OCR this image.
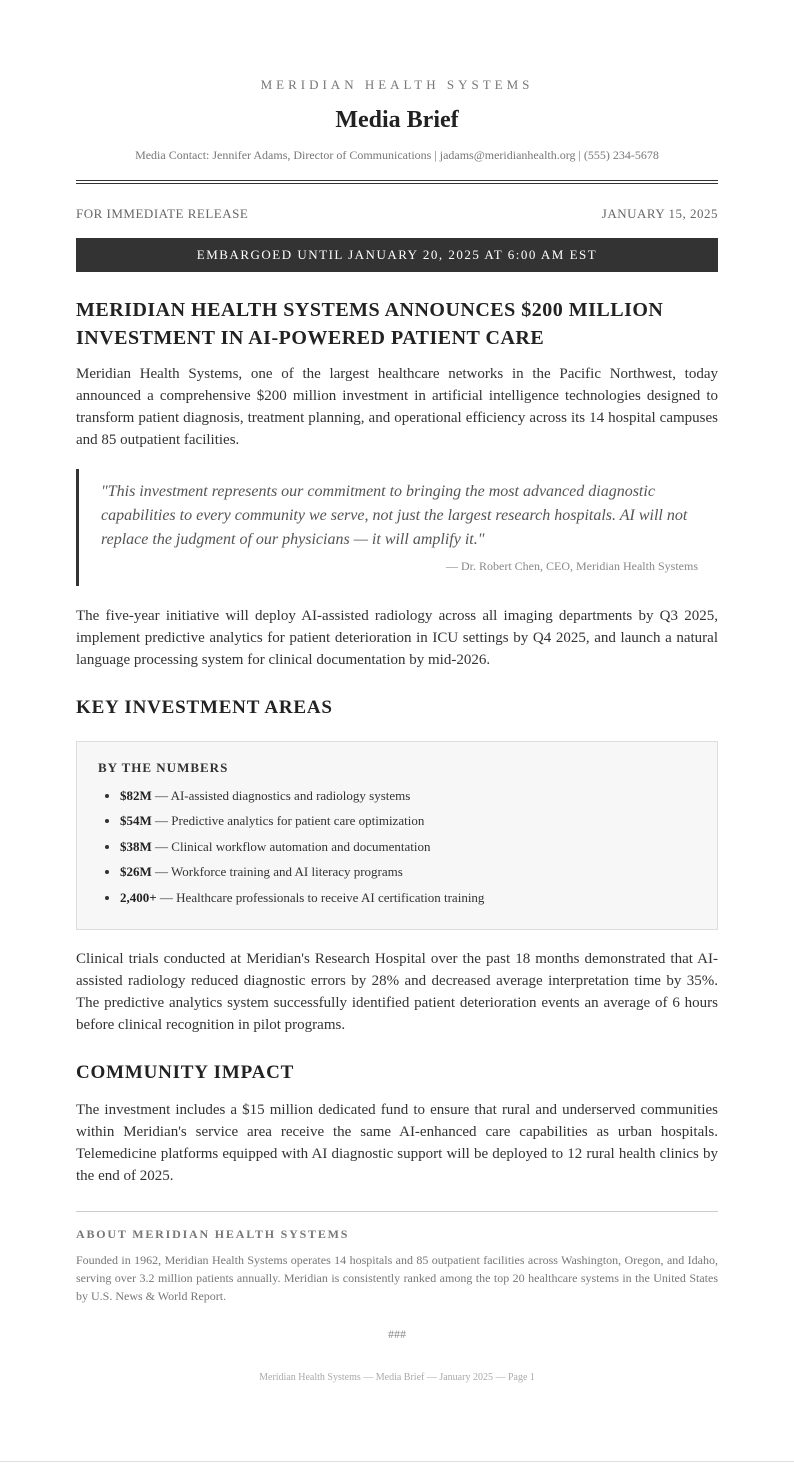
MERIDIAN HEALTH SYSTEMS
Media Brief
Media Contact: Jennifer Adams, Director of Communications | jadams@meridianhealth.org | (555) 234-5678
FOR IMMEDIATE RELEASE	JANUARY 15, 2025
EMBARGOED UNTIL JANUARY 20, 2025 AT 6:00 AM EST
MERIDIAN HEALTH SYSTEMS ANNOUNCES $200 MILLION INVESTMENT IN AI-POWERED PATIENT CARE

Meridian Health Systems, one of the largest healthcare networks in the Pacific Northwest, today announced a comprehensive $200 million investment in artificial intelligence technologies designed to transform patient diagnosis, treatment planning, and operational efficiency across its 14 hospital campuses and 85 outpatient facilities.

"This investment represents our commitment to bringing the most advanced diagnostic capabilities to every community we serve, not just the largest research hospitals. AI will not replace the judgment of our physicians — it will amplify it."
— Dr. Robert Chen, CEO, Meridian Health Systems

The five-year initiative will deploy AI-assisted radiology across all imaging departments by Q3 2025, implement predictive analytics for patient deterioration in ICU settings by Q4 2025, and launch a natural language processing system for clinical documentation by mid-2026.

KEY INVESTMENT AREAS
BY THE NUMBERS
• $82M — AI-assisted diagnostics and radiology systems
• $54M — Predictive analytics for patient care optimization
• $38M — Clinical workflow automation and documentation
• $26M — Workforce training and AI literacy programs
• 2,400+ — Healthcare professionals to receive AI certification training

Clinical trials conducted at Meridian's Research Hospital over the past 18 months demonstrated that AI-assisted radiology reduced diagnostic errors by 28% and decreased average interpretation time by 35%. The predictive analytics system successfully identified patient deterioration events an average of 6 hours before clinical recognition in pilot programs.

COMMUNITY IMPACT

The investment includes a $15 million dedicated fund to ensure that rural and underserved communities within Meridian's service area receive the same AI-enhanced care capabilities as urban hospitals. Telemedicine platforms equipped with AI diagnostic support will be deployed to 12 rural health clinics by the end of 2025.

ABOUT MERIDIAN HEALTH SYSTEMS

Founded in 1962, Meridian Health Systems operates 14 hospitals and 85 outpatient facilities across Washington, Oregon, and Idaho, serving over 3.2 million patients annually. Meridian is consistently ranked among the top 20 healthcare systems in the United States by U.S. News & World Report.

###
Meridian Health Systems — Media Brief — January 2025 — Page 1
